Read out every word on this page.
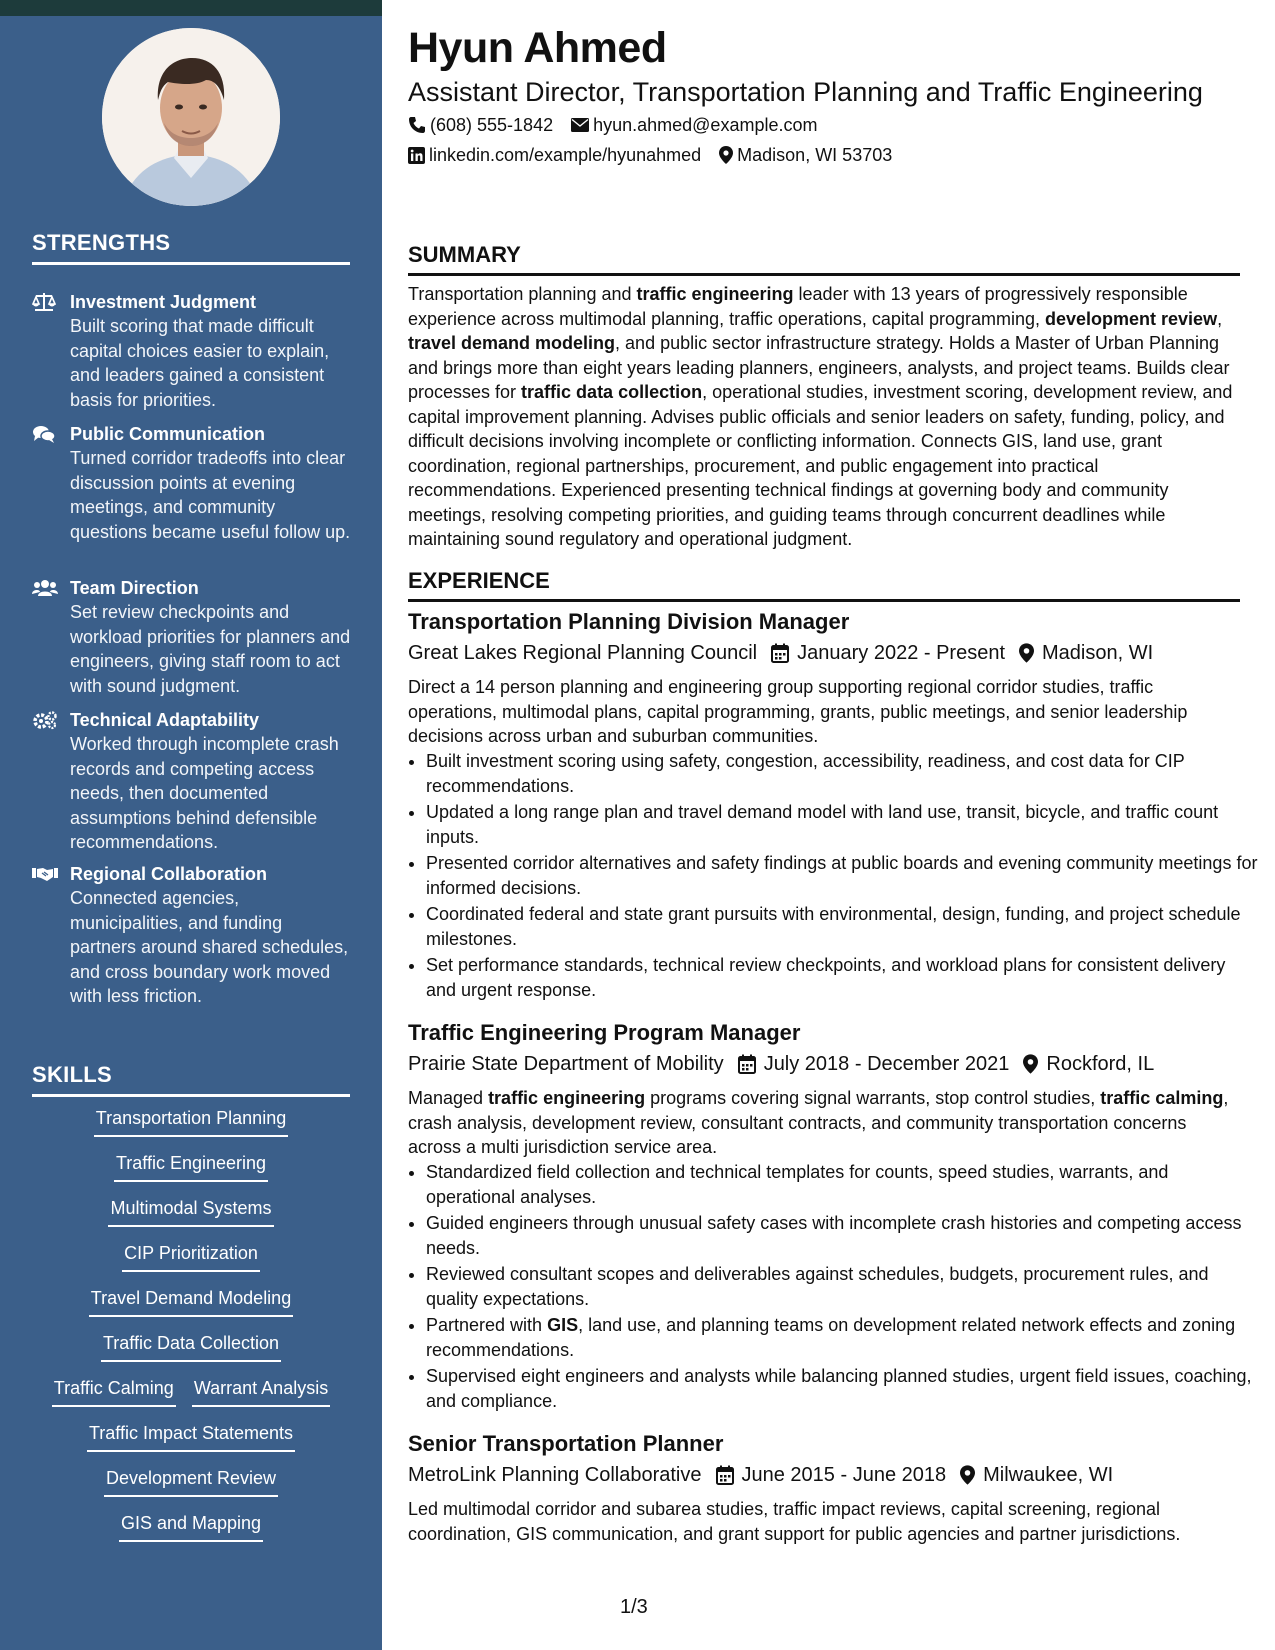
STRENGTHS
Investment Judgment
Built scoring that made difficult capital choices easier to explain, and leaders gained a consistent basis for priorities.
Public Communication
Turned corridor tradeoffs into clear discussion points at evening meetings, and community questions became useful follow up.
Team Direction
Set review checkpoints and workload priorities for planners and engineers, giving staff room to act with sound judgment.
Technical Adaptability
Worked through incomplete crash records and competing access needs, then documented assumptions behind defensible recommendations.
Regional Collaboration
Connected agencies, municipalities, and funding partners around shared schedules, and cross boundary work moved with less friction.
SKILLS
Transportation Planning
Traffic Engineering
Multimodal Systems
CIP Prioritization
Travel Demand Modeling
Traffic Data Collection
Traffic Calming Warrant Analysis
Traffic Impact Statements
Development Review
GIS and Mapping
Hyun Ahmed
Assistant Director, Transportation Planning and Traffic Engineering
(608) 555-1842 hyun.ahmed@example.com
linkedin.com/example/hyunahmed Madison, WI 53703
SUMMARY
Transportation planning and traffic engineering leader with 13 years of progressively responsible experience across multimodal planning, traffic operations, capital programming, development review, travel demand modeling, and public sector infrastructure strategy. Holds a Master of Urban Planning and brings more than eight years leading planners, engineers, analysts, and project teams. Builds clear processes for traffic data collection, operational studies, investment scoring, development review, and capital improvement planning. Advises public officials and senior leaders on safety, funding, policy, and difficult decisions involving incomplete or conflicting information. Connects GIS, land use, grant coordination, regional partnerships, procurement, and public engagement into practical recommendations. Experienced presenting technical findings at governing body and community meetings, resolving competing priorities, and guiding teams through concurrent deadlines while maintaining sound regulatory and operational judgment.
EXPERIENCE
Transportation Planning Division Manager
Great Lakes Regional Planning Council January 2022 - Present Madison, WI
Direct a 14 person planning and engineering group supporting regional corridor studies, traffic operations, multimodal plans, capital programming, grants, public meetings, and senior leadership decisions across urban and suburban communities.
• Built investment scoring using safety, congestion, accessibility, readiness, and cost data for CIP recommendations.
• Updated a long range plan and travel demand model with land use, transit, bicycle, and traffic count inputs.
• Presented corridor alternatives and safety findings at public boards and evening community meetings for informed decisions.
• Coordinated federal and state grant pursuits with environmental, design, funding, and project schedule milestones.
• Set performance standards, technical review checkpoints, and workload plans for consistent delivery and urgent response.
Traffic Engineering Program Manager
Prairie State Department of Mobility July 2018 - December 2021 Rockford, IL
Managed traffic engineering programs covering signal warrants, stop control studies, traffic calming, crash analysis, development review, consultant contracts, and community transportation concerns across a multi jurisdiction service area.
• Standardized field collection and technical templates for counts, speed studies, warrants, and operational analyses.
• Guided engineers through unusual safety cases with incomplete crash histories and competing access needs.
• Reviewed consultant scopes and deliverables against schedules, budgets, procurement rules, and quality expectations.
• Partnered with GIS, land use, and planning teams on development related network effects and zoning recommendations.
• Supervised eight engineers and analysts while balancing planned studies, urgent field issues, coaching, and compliance.
Senior Transportation Planner
MetroLink Planning Collaborative June 2015 - June 2018 Milwaukee, WI
Led multimodal corridor and subarea studies, traffic impact reviews, capital screening, regional coordination, GIS communication, and grant support for public agencies and partner jurisdictions.
1/3
